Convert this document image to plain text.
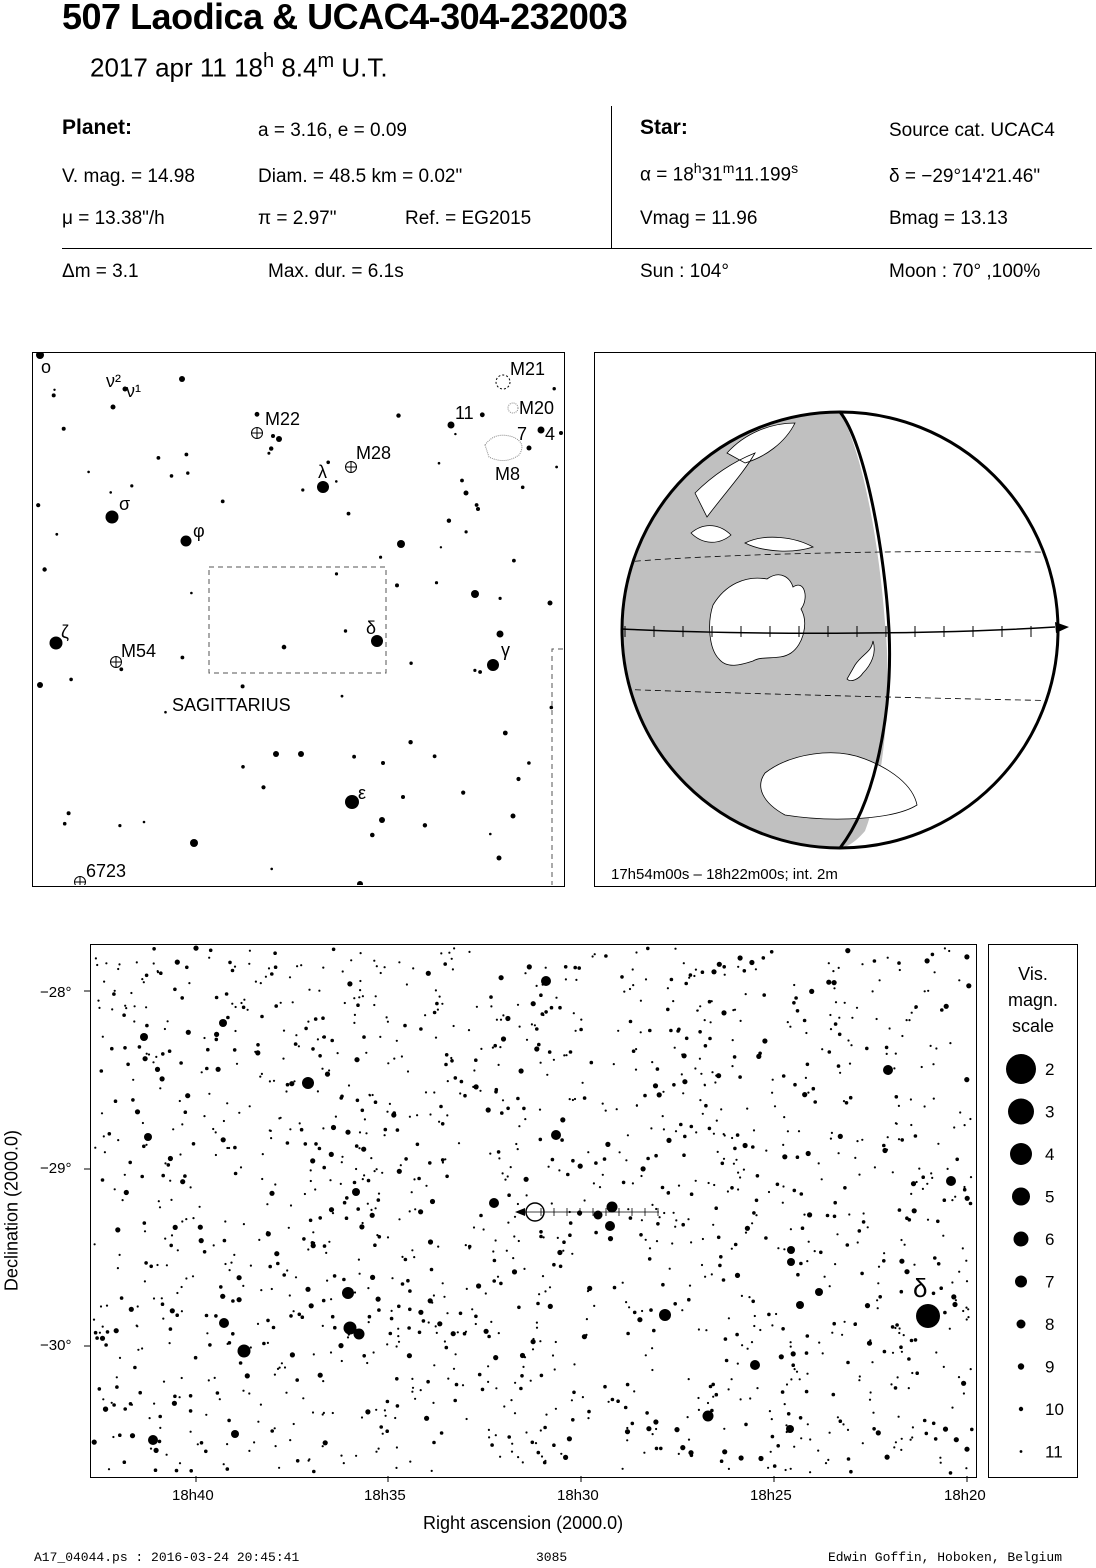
507 Laodica & UCAC4-304-232003
2017 apr 11 18$^h$ 8.4$^m$ U.T.
Planet:	a = 3.16, e = 0.09
V. mag. = 14.98	Diam. = 48.5 km = 0.02"
μ = 13.38"/h	π = 2.97"	Ref. = EG2015
Star:	Source cat. UCAC4
$\alpha = 18^h31^m11.199^s$	δ = −29°14'21.46"
Vmag = 11.96	Bmag = 13.13
Δm = 3.1	Max. dur. = 6.1s	Sun : 104°	Moon : 70° ,100%
ο
ν² ν¹
M21
M20
11
7 4
M8
M22
M28
λ
σ
φ
ζ
M54
δ
γ
ε
6723
SAGITTARIUS
17h54m00s – 18h22m00s; int. 2m
δ
−28°
−29°
−30°
18h40	18h35	18h30	18h25	18h20
Right ascension (2000.0)
Declination (2000.0)
Vis.
magn.
scale
2
3
4
5
6
7
8
9
10
11
A17_04044.ps : 2016-03-24 20:45:41	3085	Edwin Goffin, Hoboken, Belgium
